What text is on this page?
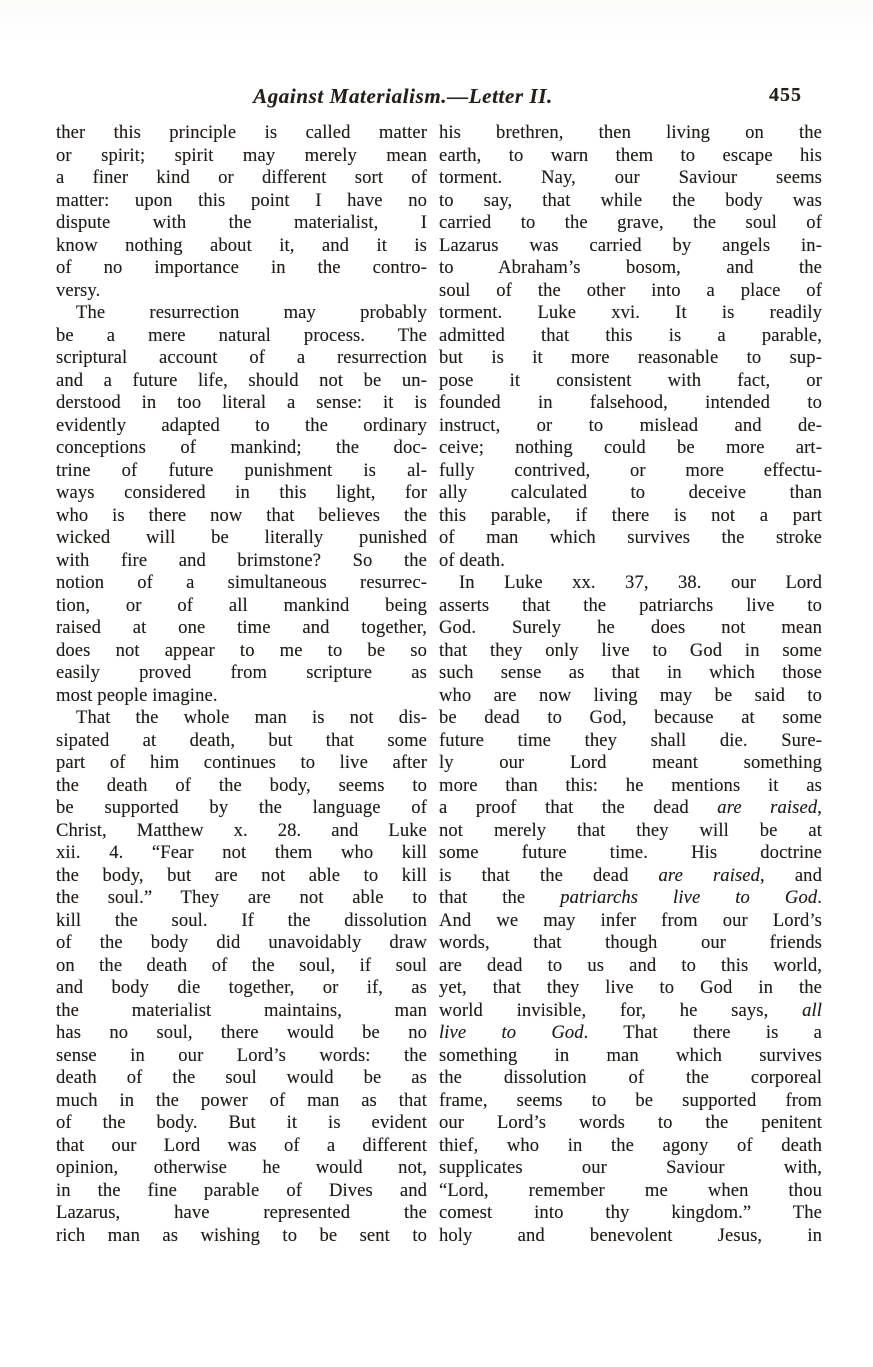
Against Materialism.—Letter II.	455
ther this principle is called matter
or spirit; spirit may merely mean
a finer kind or different sort of
matter: upon this point I have no
dispute with the materialist, I
know nothing about it, and it is
of no importance in the contro-
versy.
The resurrection may probably
be a mere natural process. The
scriptural account of a resurrection
and a future life, should not be un-
derstood in too literal a sense: it is
evidently adapted to the ordinary
conceptions of mankind; the doc-
trine of future punishment is al-
ways considered in this light, for
who is there now that believes the
wicked will be literally punished
with fire and brimstone? So the
notion of a simultaneous resurrec-
tion, or of all mankind being
raised at one time and together,
does not appear to me to be so
easily proved from scripture as
most people imagine.
That the whole man is not dis-
sipated at death, but that some
part of him continues to live after
the death of the body, seems to
be supported by the language of
Christ, Matthew x. 28. and Luke
xii. 4. “Fear not them who kill
the body, but are not able to kill
the soul.” They are not able to
kill the soul. If the dissolution
of the body did unavoidably draw
on the death of the soul, if soul
and body die together, or if, as
the materialist maintains, man
has no soul, there would be no
sense in our Lord’s words: the
death of the soul would be as
much in the power of man as that
of the body. But it is evident
that our Lord was of a different
opinion, otherwise he would not,
in the fine parable of Dives and
Lazarus, have represented the
rich man as wishing to be sent to
his brethren, then living on the
earth, to warn them to escape his
torment. Nay, our Saviour seems
to say, that while the body was
carried to the grave, the soul of
Lazarus was carried by angels in-
to Abraham’s bosom, and the
soul of the other into a place of
torment. Luke xvi. It is readily
admitted that this is a parable,
but is it more reasonable to sup-
pose it consistent with fact, or
founded in falsehood, intended to
instruct, or to mislead and de-
ceive; nothing could be more art-
fully contrived, or more effectu-
ally calculated to deceive than
this parable, if there is not a part
of man which survives the stroke
of death.
In Luke xx. 37, 38. our Lord
asserts that the patriarchs live to
God. Surely he does not mean
that they only live to God in some
such sense as that in which those
who are now living may be said to
be dead to God, because at some
future time they shall die. Sure-
ly our Lord meant something
more than this: he mentions it as
a proof that the dead are raised,
not merely that they will be at
some future time. His doctrine
is that the dead are raised, and
that the patriarchs live to God.
And we may infer from our Lord’s
words, that though our friends
are dead to us and to this world,
yet, that they live to God in the
world invisible, for, he says, all
live to God. That there is a
something in man which survives
the dissolution of the corporeal
frame, seems to be supported from
our Lord’s words to the penitent
thief, who in the agony of death
supplicates our Saviour with,
“Lord, remember me when thou
comest into thy kingdom.” The
holy and benevolent Jesus, in
